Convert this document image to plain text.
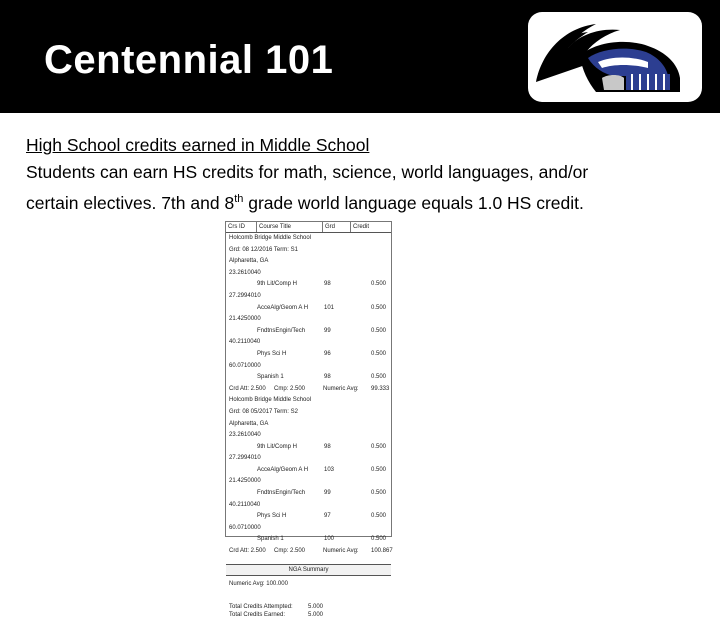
Centennial 101
High School credits earned in Middle School
Students can earn HS credits for math, science, world languages, and/or
certain electives. 7th and 8th grade world language equals 1.0 HS credit.
Crs ID	Course Title	Grd	Credit
Holcomb Bridge Middle School
Grd: 08 12/2016 Term: S1
Alpharetta, GA
23.2610040
9th Lit/Comp H	98	0.500
27.2994010
AcceAlg/Geom A H	101	0.500
21.4250000
FndtnsEngin/Tech	99	0.500
40.2110040
Phys Sci H	96	0.500
60.0710000
Spanish 1	98	0.500
Crd Att: 2.500 Cmp: 2.500	Numeric Avg: 99.333
Holcomb Bridge Middle School
Grd: 08 05/2017 Term: S2
Alpharetta, GA
23.2610040
9th Lit/Comp H	98	0.500
27.2994010
AcceAlg/Geom A H	103	0.500
21.4250000
FndtnsEngin/Tech	99	0.500
40.2110040
Phys Sci H	97	0.500
60.0710000
Spanish 1	100	0.500
Crd Att: 2.500 Cmp: 2.500	Numeric Avg: 100.867
NGA Summary
Numeric Avg: 100.000
Total Credits Attempted:	5.000
Total Credits Earned:	5.000
